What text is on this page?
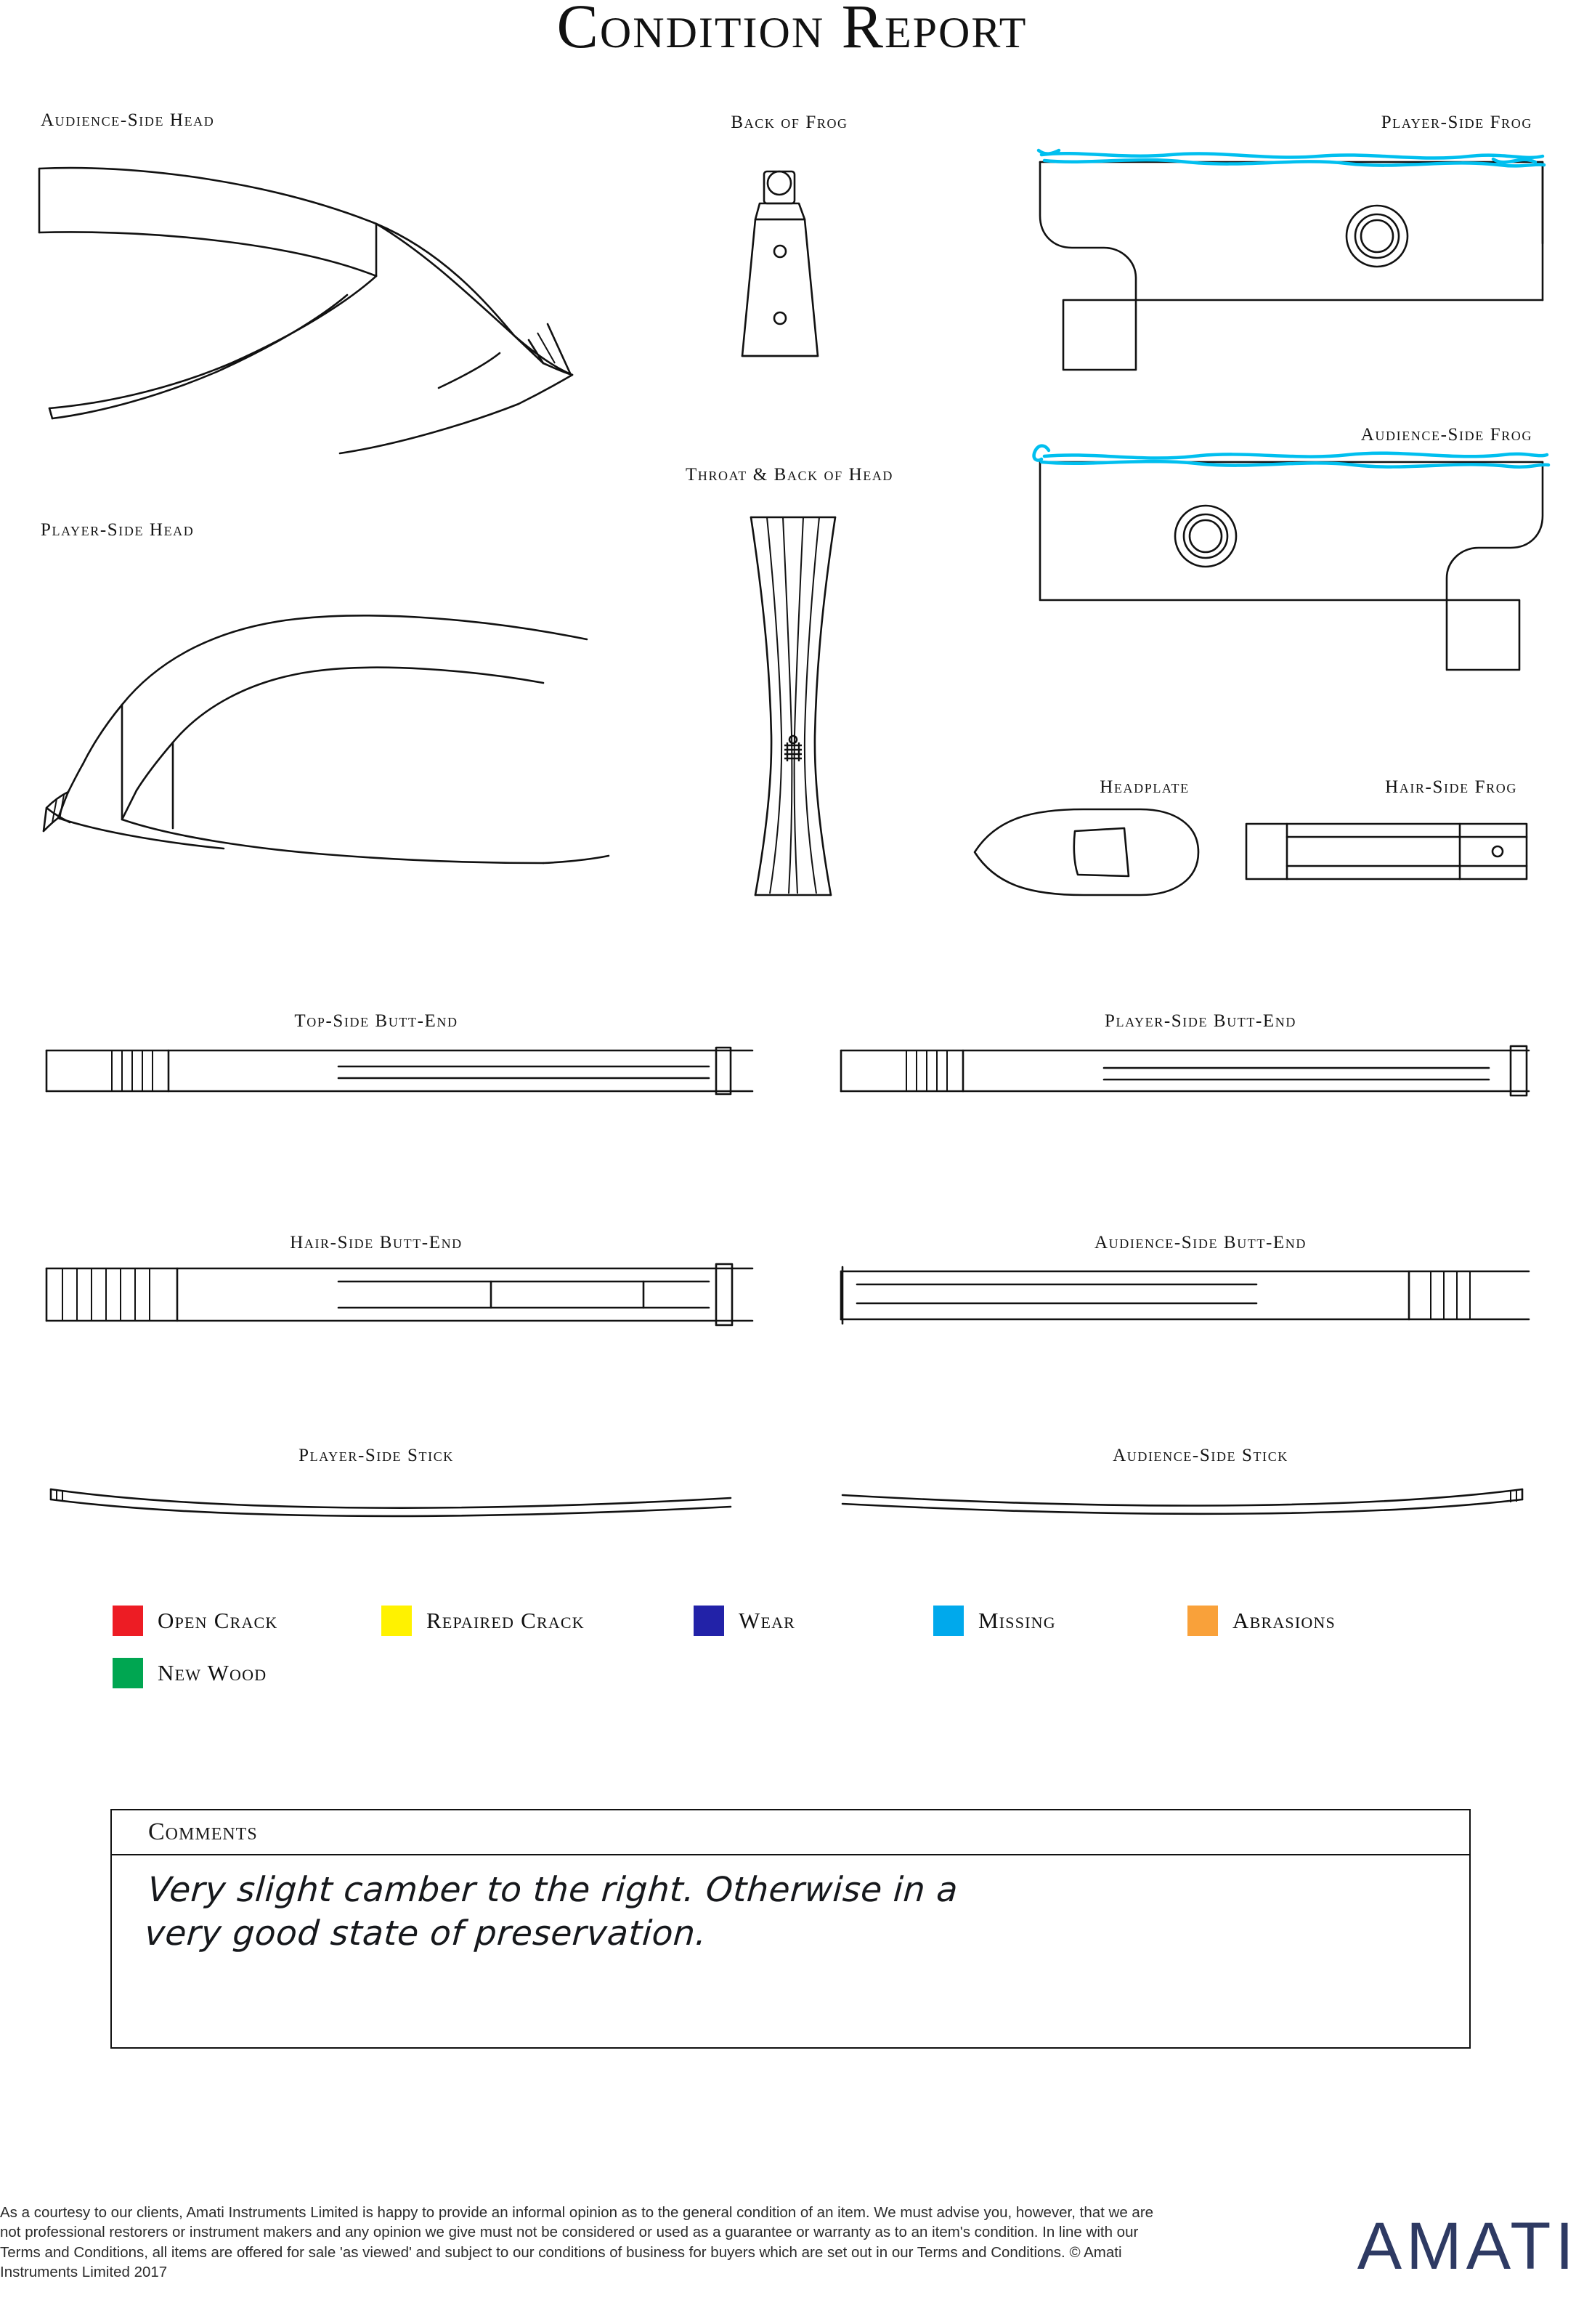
Condition Report
Audience-Side Head	Back of Frog	Player-Side Frog
Audience-Side Frog
Player-Side Head
Throat & Back of Head
Headplate	Hair-Side Frog
Top-Side Butt-End	Player-Side Butt-End
Hair-Side Butt-End	Audience-Side Butt-End
Player-Side Stick	Audience-Side Stick
Open Crack	Repaired Crack	Wear	Missing	Abrasions
New Wood
Comments
Very slight camber to the right. Otherwise in a
very good state of preservation.
As a courtesy to our clients, Amati Instruments Limited is happy to provide an informal opinion as to the general condition of an item. We must advise you, however, that we are not professional restorers or instrument makers and any opinion we give must not be considered or used as a guarantee or warranty as to an item's condition. In line with our Terms and Conditions, all items are offered for sale 'as viewed' and subject to our conditions of business for buyers which are set out in our Terms and Conditions. © Amati Instruments Limited 2017	AMATI
